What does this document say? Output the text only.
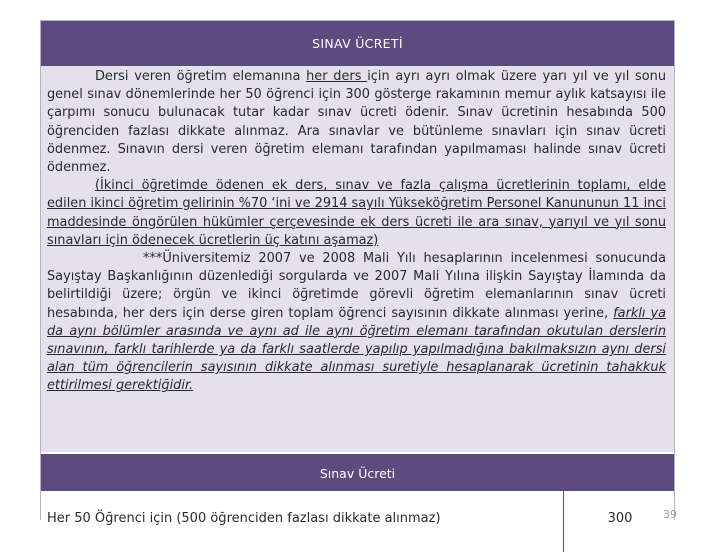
SINAV ÜCRETİ

Dersi veren öğretim elemanına her ders için ayrı ayrı olmak üzere yarı yıl ve yıl sonu genel sınav dönemlerinde her 50 öğrenci için 300 gösterge rakamının memur aylık katsayısı ile çarpımı sonucu bulunacak tutar kadar sınav ücreti ödenir. Sınav ücretinin hesabında 500 öğrenciden fazlası dikkate alınmaz. Ara sınavlar ve bütünleme sınavları için sınav ücreti ödenmez. Sınavın dersi veren öğretim elemanı tarafından yapılmaması halinde sınav ücreti ödenmez.

(İkinci öğretimde ödenen ek ders, sınav ve fazla çalışma ücretlerinin toplamı, elde edilen ikinci öğretim gelirinin %70 ‘ini ve 2914 sayılı Yükseköğretim Personel Kanununun 11 inci maddesinde öngörülen hükümler çerçevesinde ek ders ücreti ile ara sınav, yarıyıl ve yıl sonu sınavları için ödenecek ücretlerin üç katını aşamaz)

***Üniversitemiz 2007 ve 2008 Mali Yılı hesaplarının incelenmesi sonucunda Sayıştay Başkanlığının düzenlediği sorgularda ve 2007 Mali Yılına ilişkin Sayıştay İlamında da belirtildiği üzere; örgün ve ikinci öğretimde görevli öğretim elemanlarının sınav ücreti hesabında, her ders için derse giren toplam öğrenci sayısının dikkate alınması yerine, farklı ya da aynı bölümler arasında ve aynı ad ile aynı öğretim elemanı tarafından okutulan derslerin sınavının, farklı tarihlerde ya da farklı saatlerde yapılıp yapılmadığına bakılmaksızın aynı dersi alan tüm öğrencilerin sayısının dikkate alınması suretiyle hesaplanarak ücretinin tahakkuk ettirilmesi gerektiğidir.

Sınav Ücreti
Her 50 Öğrenci için (500 öğrenciden fazlası dikkate alınmaz)	300	39
